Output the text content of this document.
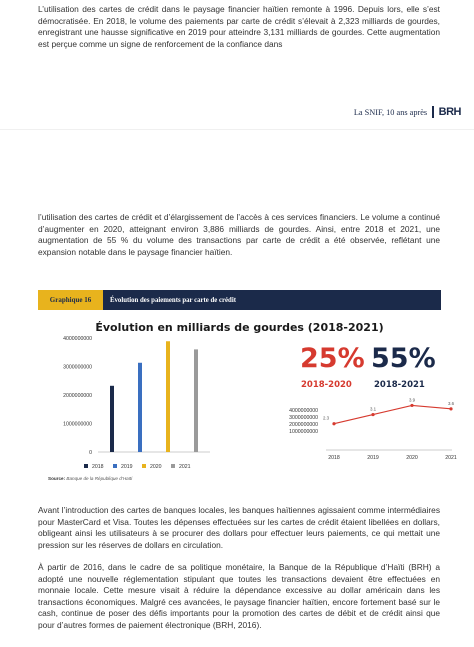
L’utilisation des cartes de crédit dans le paysage financier haïtien remonte à 1996. Depuis lors, elle s’est démocratisée. En 2018, le volume des paiements par carte de crédit s’élevait à 2,323 milliards de gourdes, enregistrant une hausse significative en 2019 pour atteindre 3,131 milliards de gourdes. Cette augmentation est perçue comme un signe de renforcement de la confiance dans

La SNIF, 10 ans après BRH

l’utilisation des cartes de crédit et d’élargissement de l’accès à ces services financiers. Le volume a continué d’augmenter en 2020, atteignant environ 3,886 milliards de gourdes. Ainsi, entre 2018 et 2021, une augmentation de 55 % du volume des transactions par carte de crédit a été observée, reflétant une expansion notable dans le paysage financier haïtien.

Graphique 16	Évolution des paiements par carte de crédit
Évolution en milliards de gourdes (2018-2021)
4000000000
3000000000
2000000000
1000000000
0
2018	2019	2020	2021
25% 55%
2018-2020	2018-2021
4000000000
3000000000
2000000000
1000000000
2.3
2018
3.1
2019
3.9
2020
3.6
2021
Source: Banque de la République d’Haïti

Avant l’introduction des cartes de banques locales, les banques haïtiennes agissaient comme intermédiaires pour MasterCard et Visa. Toutes les dépenses effectuées sur les cartes de crédit étaient libellées en dollars, obligeant ainsi les utilisateurs à se procurer des dollars pour effectuer leurs paiements, ce qui mettait une pression sur les réserves de dollars en circulation.

À partir de 2016, dans le cadre de sa politique monétaire, la Banque de la République d’Haïti (BRH) a adopté une nouvelle réglementation stipulant que toutes les transactions devaient être effectuées en monnaie locale. Cette mesure visait à réduire la dépendance excessive au dollar américain dans les transactions économiques. Malgré ces avancées, le paysage financier haïtien, encore fortement basé sur le cash, continue de poser des défis importants pour la promotion des cartes de débit et de crédit ainsi que pour d’autres formes de paiement électronique (BRH, 2016).
